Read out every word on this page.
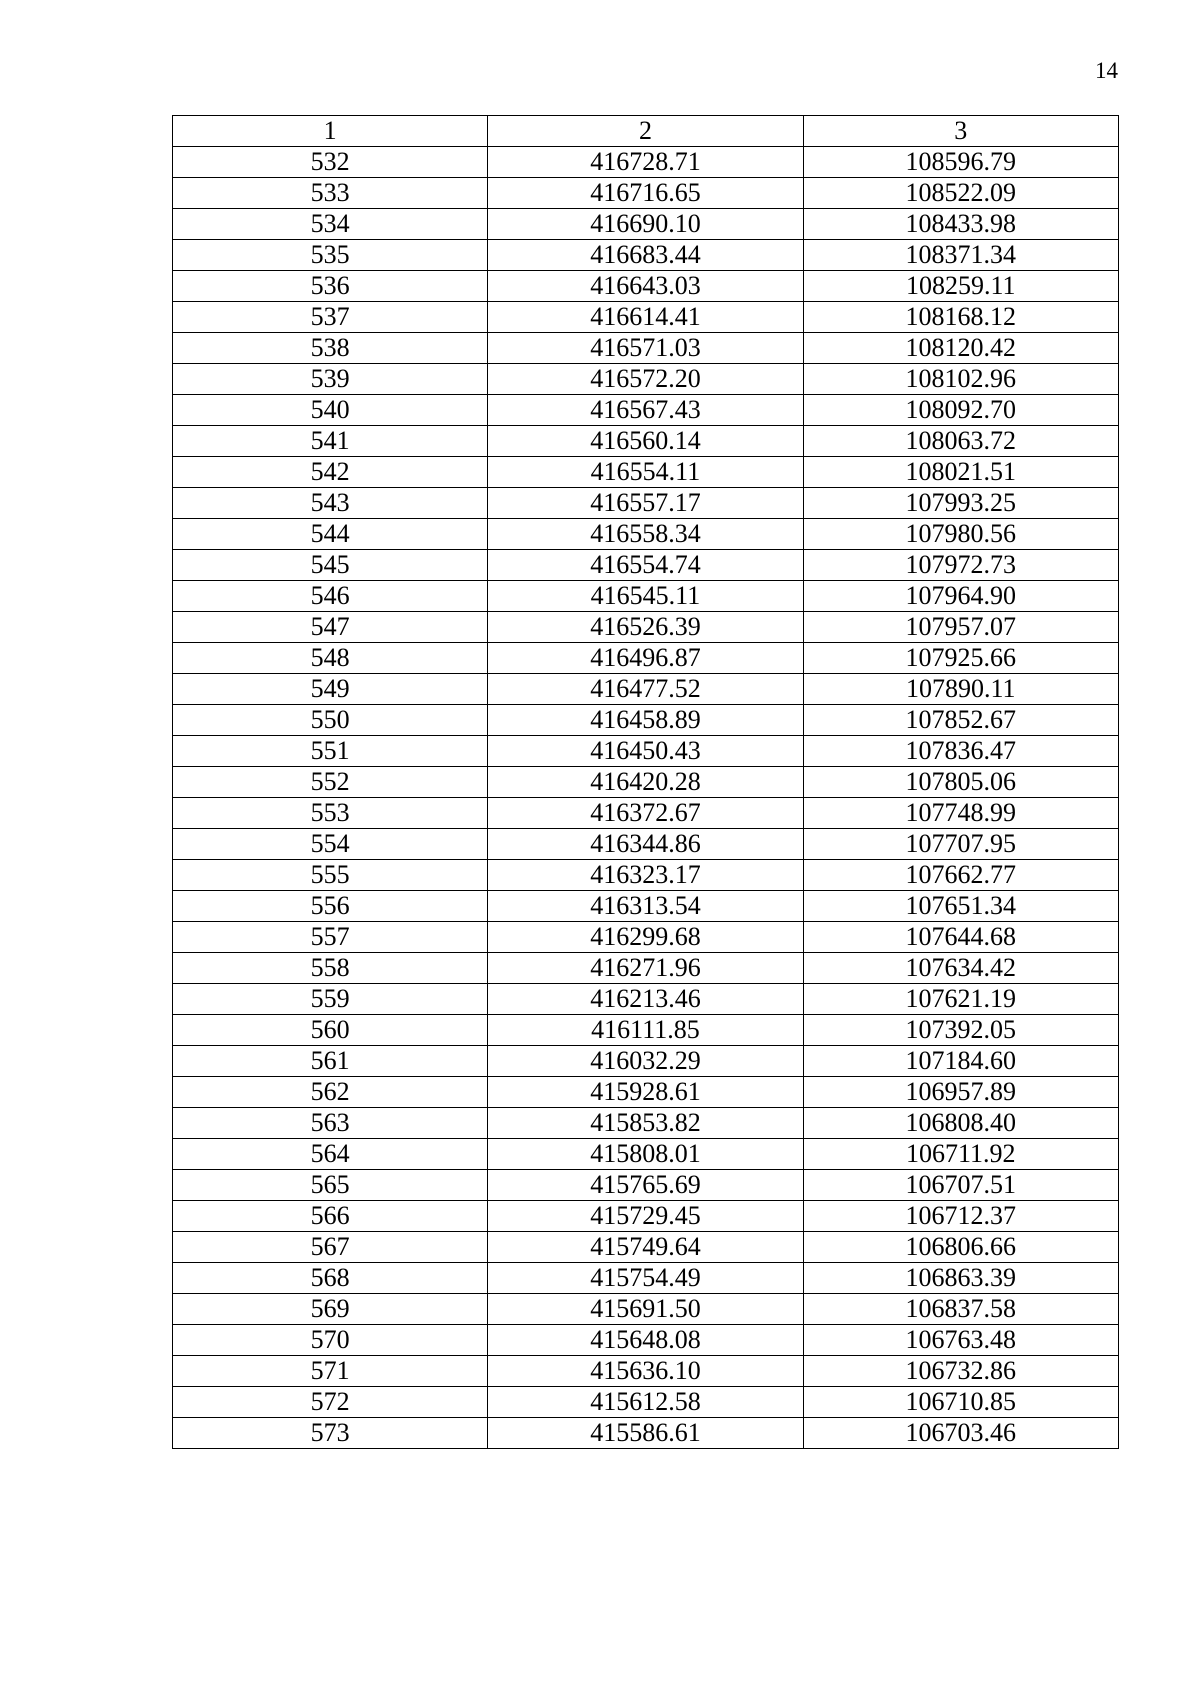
14
1	2	3
532	416728.71	108596.79
533	416716.65	108522.09
534	416690.10	108433.98
535	416683.44	108371.34
536	416643.03	108259.11
537	416614.41	108168.12
538	416571.03	108120.42
539	416572.20	108102.96
540	416567.43	108092.70
541	416560.14	108063.72
542	416554.11	108021.51
543	416557.17	107993.25
544	416558.34	107980.56
545	416554.74	107972.73
546	416545.11	107964.90
547	416526.39	107957.07
548	416496.87	107925.66
549	416477.52	107890.11
550	416458.89	107852.67
551	416450.43	107836.47
552	416420.28	107805.06
553	416372.67	107748.99
554	416344.86	107707.95
555	416323.17	107662.77
556	416313.54	107651.34
557	416299.68	107644.68
558	416271.96	107634.42
559	416213.46	107621.19
560	416111.85	107392.05
561	416032.29	107184.60
562	415928.61	106957.89
563	415853.82	106808.40
564	415808.01	106711.92
565	415765.69	106707.51
566	415729.45	106712.37
567	415749.64	106806.66
568	415754.49	106863.39
569	415691.50	106837.58
570	415648.08	106763.48
571	415636.10	106732.86
572	415612.58	106710.85
573	415586.61	106703.46
